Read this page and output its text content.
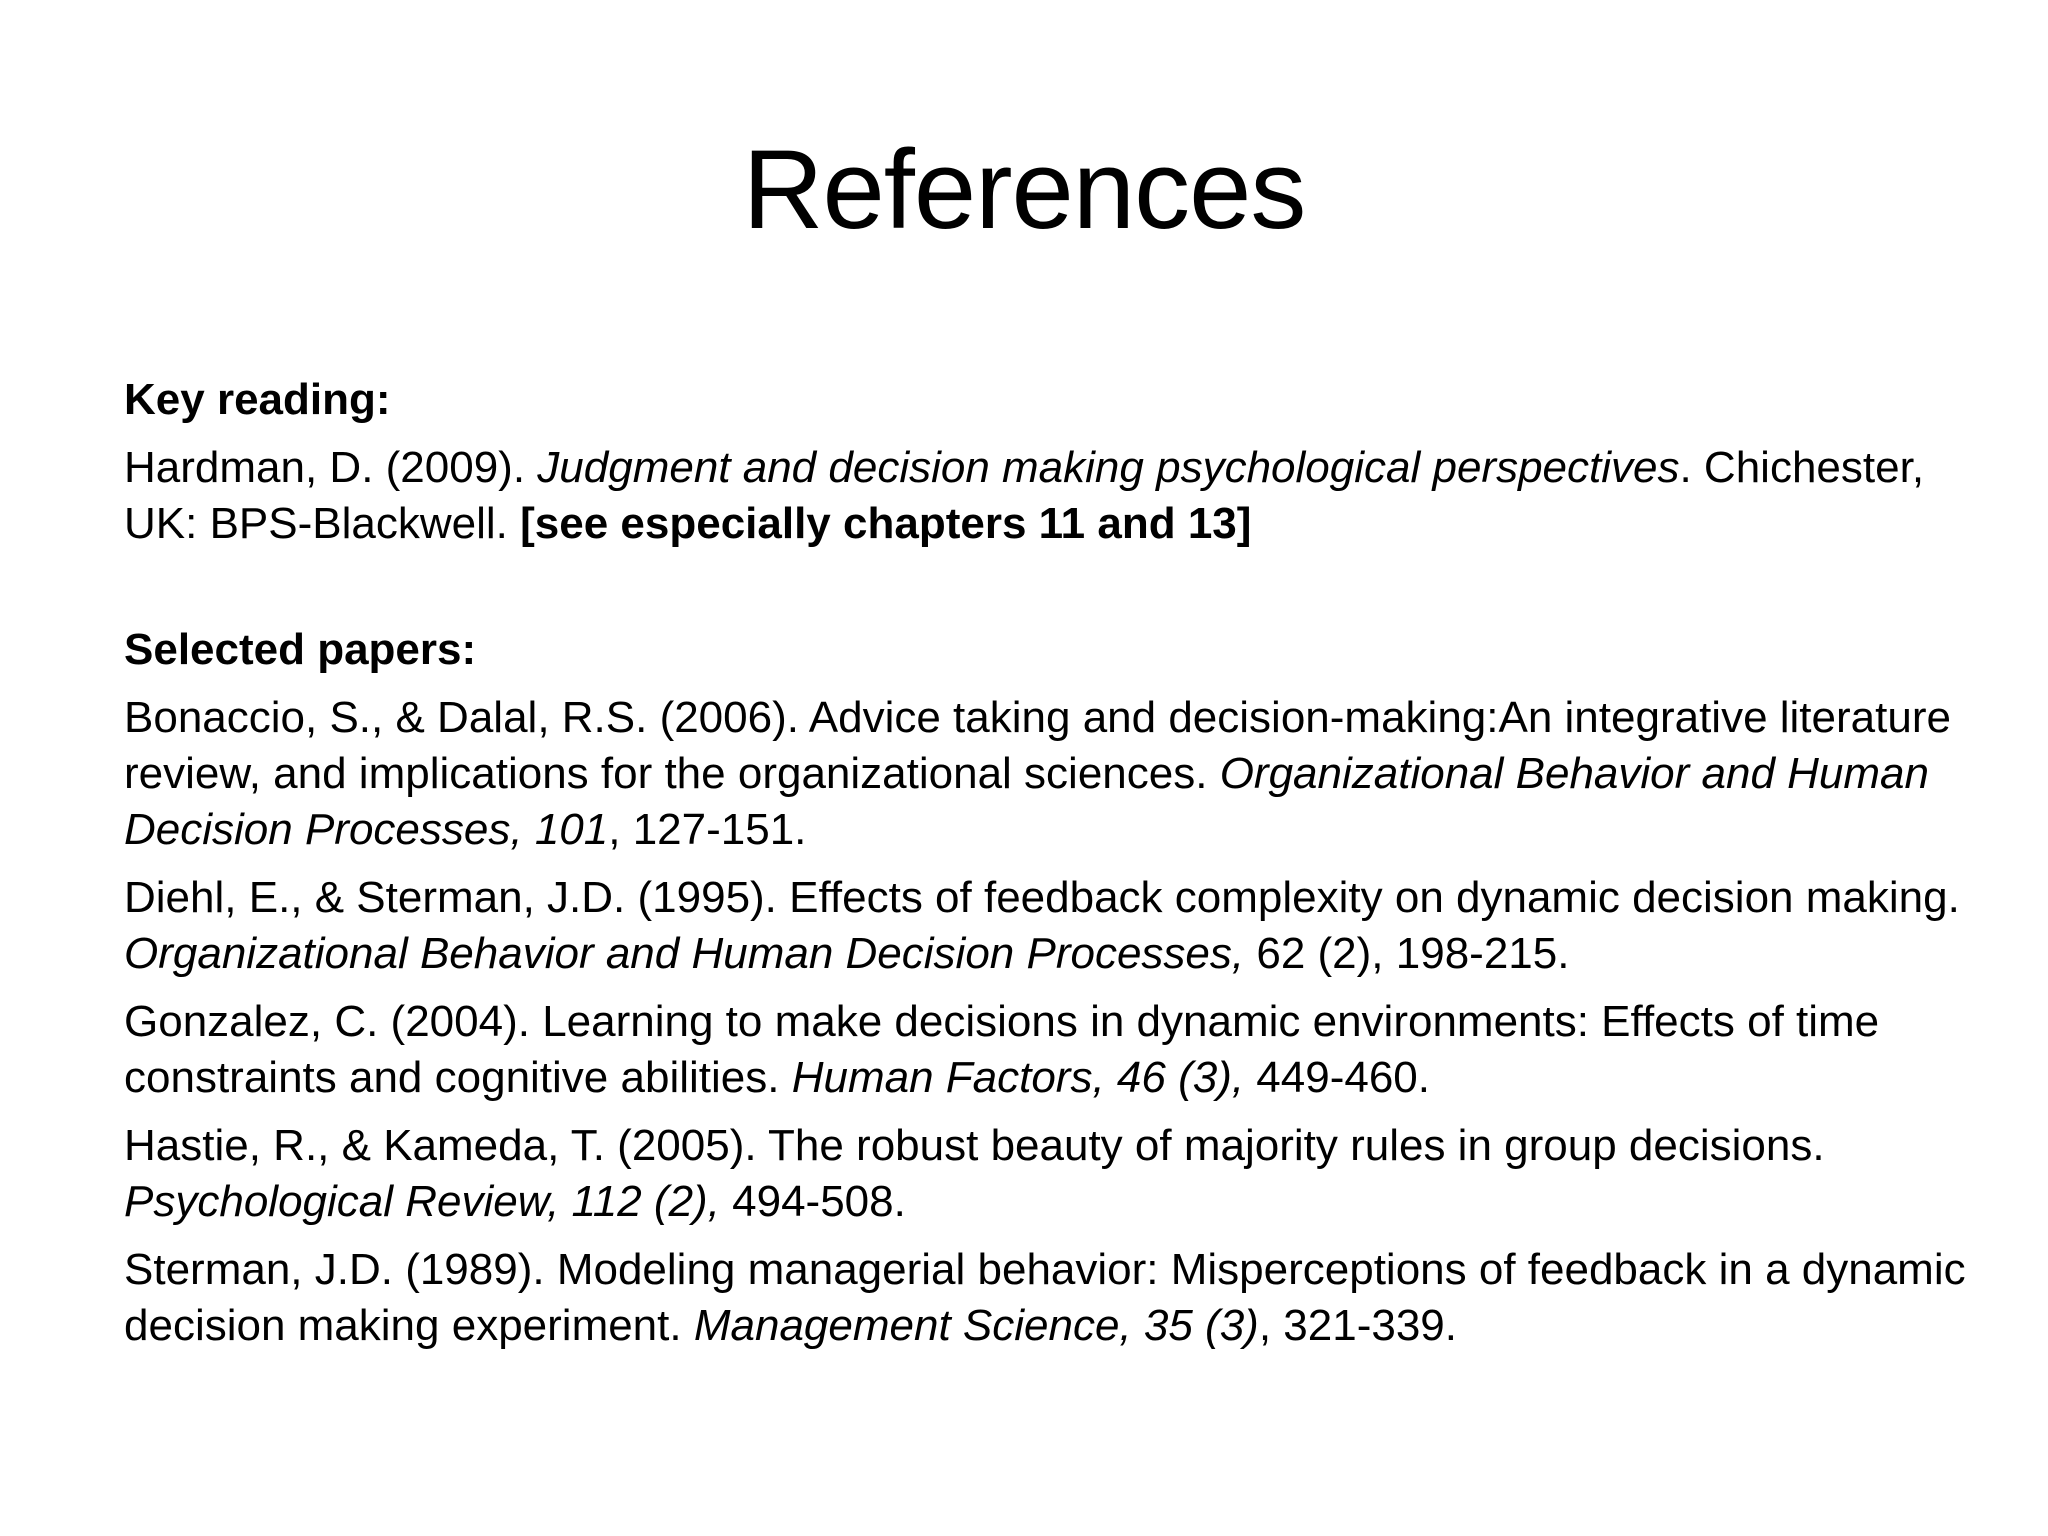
References
Key reading:
Hardman, D. (2009). Judgment and decision making psychological perspectives. Chichester, UK: BPS-Blackwell. [see especially chapters 11 and 13]
Selected papers:
Bonaccio, S., & Dalal, R.S. (2006). Advice taking and decision-making:An integrative literature review, and implications for the organizational sciences. Organizational Behavior and Human Decision Processes, 101, 127-151.
Diehl, E., & Sterman, J.D. (1995). Effects of feedback complexity on dynamic decision making. Organizational Behavior and Human Decision Processes, 62 (2), 198-215.
Gonzalez, C. (2004). Learning to make decisions in dynamic environments: Effects of time constraints and cognitive abilities. Human Factors, 46 (3), 449-460.
Hastie, R., & Kameda, T. (2005). The robust beauty of majority rules in group decisions. Psychological Review, 112 (2), 494-508.
Sterman, J.D. (1989). Modeling managerial behavior: Misperceptions of feedback in a dynamic decision making experiment. Management Science, 35 (3), 321-339.
